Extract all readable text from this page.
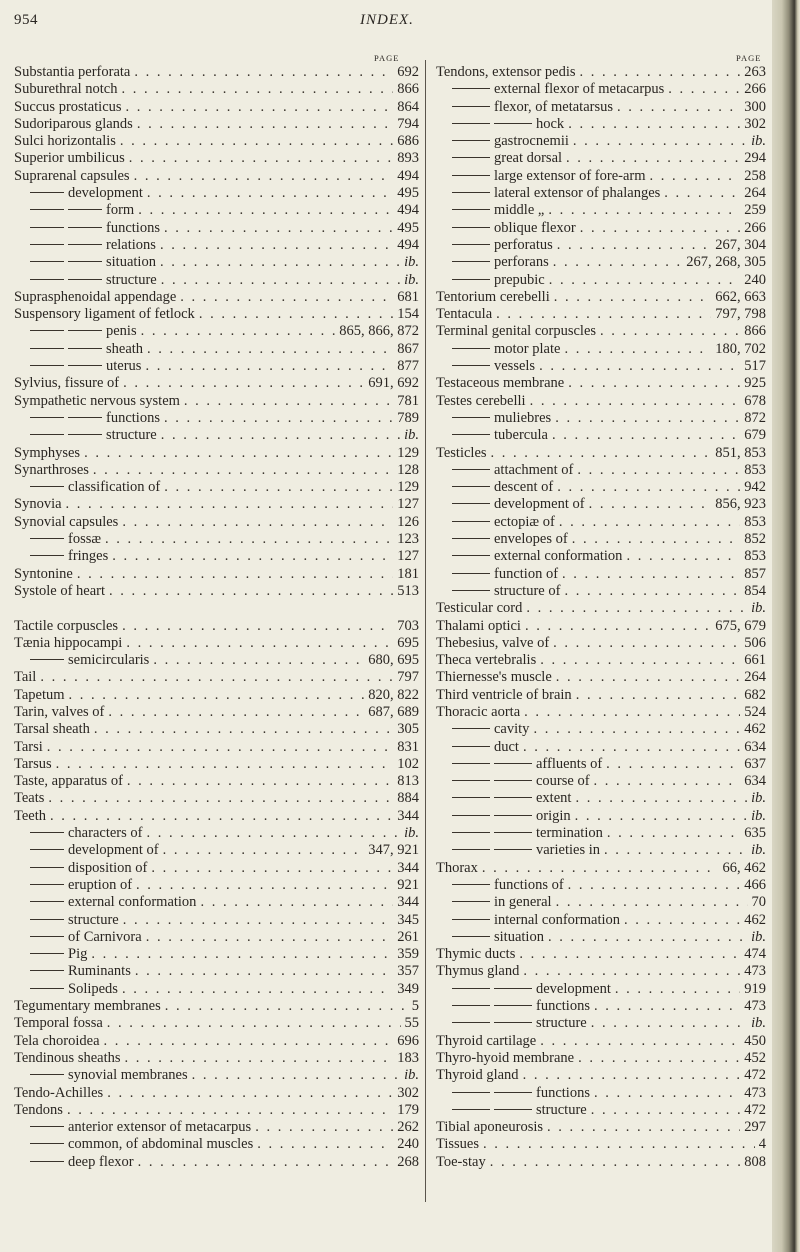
954	INDEX.
PAGE	PAGE
Substantia perforata . . .	692
Suburethral notch . . .	866
Succus prostaticus . . .	864
Sudoriparous glands . . .	794
Sulci horizontalis . . .	686
Superior umbilicus . . .	893
Suprarenal capsules . . .	494
development . . .	495
form . . .	494
functions . . .	495
relations . . .	494
situation . . .	ib.
structure . . .	ib.
Suprasphenoidal appendage . . .	681
Suspensory ligament of fetlock . . .	154
penis . . .	865, 866, 872
sheath . . .	867
uterus . . .	877
Sylvius, fissure of . . .	691, 692
Sympathetic nervous system . . .	781
functions . . .	789
structure . . .	ib.
Symphyses . . .	129
Synarthroses . . .	128
classification of . . .	129
Synovia . . .	127
Synovial capsules . . .	126
fossæ . . .	123
fringes . . .	127
Syntonine . . .	181
Systole of heart . . .	513
Tactile corpuscles . . .	703
Tænia hippocampi . . .	695
semicircularis . . .	680, 695
Tail . . .	797
Tapetum . . .	820, 822
Tarin, valves of . . .	687, 689
Tarsal sheath . . .	305
Tarsi . . .	831
Tarsus . . .	102
Taste, apparatus of . . .	813
Teats . . .	884
Teeth . . .	344
characters of . . .	ib.
development of . . .	347, 921
disposition of . . .	344
eruption of . . .	921
external conformation . . .	344
structure . . .	345
of Carnivora . . .	261
Pig . . .	359
Ruminants . . .	357
Solipeds . . .	349
Tegumentary membranes . . .	5
Temporal fossa . . .	55
Tela choroidea . . .	696
Tendinous sheaths . . .	183
synovial membranes . . .	ib.
Tendo-Achilles . . .	302
Tendons . . .	179
anterior extensor of metacarpus . . .	262
common, of abdominal muscles . . .	240
deep flexor . . .	268
Tendons, extensor pedis . . .	263
external flexor of metacarpus . . .	266
flexor, of metatarsus . . .	300
hock . . .	302
gastrocnemii . . .	ib.
great dorsal . . .	294
large extensor of fore-arm . . .	258
lateral extensor of phalanges . . .	264
middle „ . . .	259
oblique flexor . . .	266
perforatus . . .	267, 304
perforans . . .	267, 268, 305
prepubic . . .	240
Tentorium cerebelli . . .	662, 663
Tentacula . . .	797, 798
Terminal genital corpuscles . . .	866
motor plate . . .	180, 702
vessels . . .	517
Testaceous membrane . . .	925
Testes cerebelli . . .	678
muliebres . . .	872
tubercula . . .	679
Testicles . . .	851, 853
attachment of . . .	853
descent of . . .	942
development of . . .	856, 923
ectopiæ of . . .	853
envelopes of . . .	852
external conformation . . .	853
function of . . .	857
structure of . . .	854
Testicular cord . . .	ib.
Thalami optici . . .	675, 679
Thebesius, valve of . . .	506
Theca vertebralis . . .	661
Thiernesse's muscle . . .	264
Third ventricle of brain . . .	682
Thoracic aorta . . .	524
cavity . . .	462
duct . . .	634
affluents of . . .	637
course of . . .	634
extent . . .	ib.
origin . . .	ib.
termination . . .	635
varieties in . . .	ib.
Thorax . . .	66, 462
functions of . . .	466
in general . . .	70
internal conformation . . .	462
situation . . .	ib.
Thymic ducts . . .	474
Thymus gland . . .	473
development . . .	919
functions . . .	473
structure . . .	ib.
Thyroid cartilage . . .	450
Thyro-hyoid membrane . . .	452
Thyroid gland . . .	472
functions . . .	473
structure . . .	472
Tibial aponeurosis . . .	297
Tissues . . .	4
Toe-stay . . .	808
